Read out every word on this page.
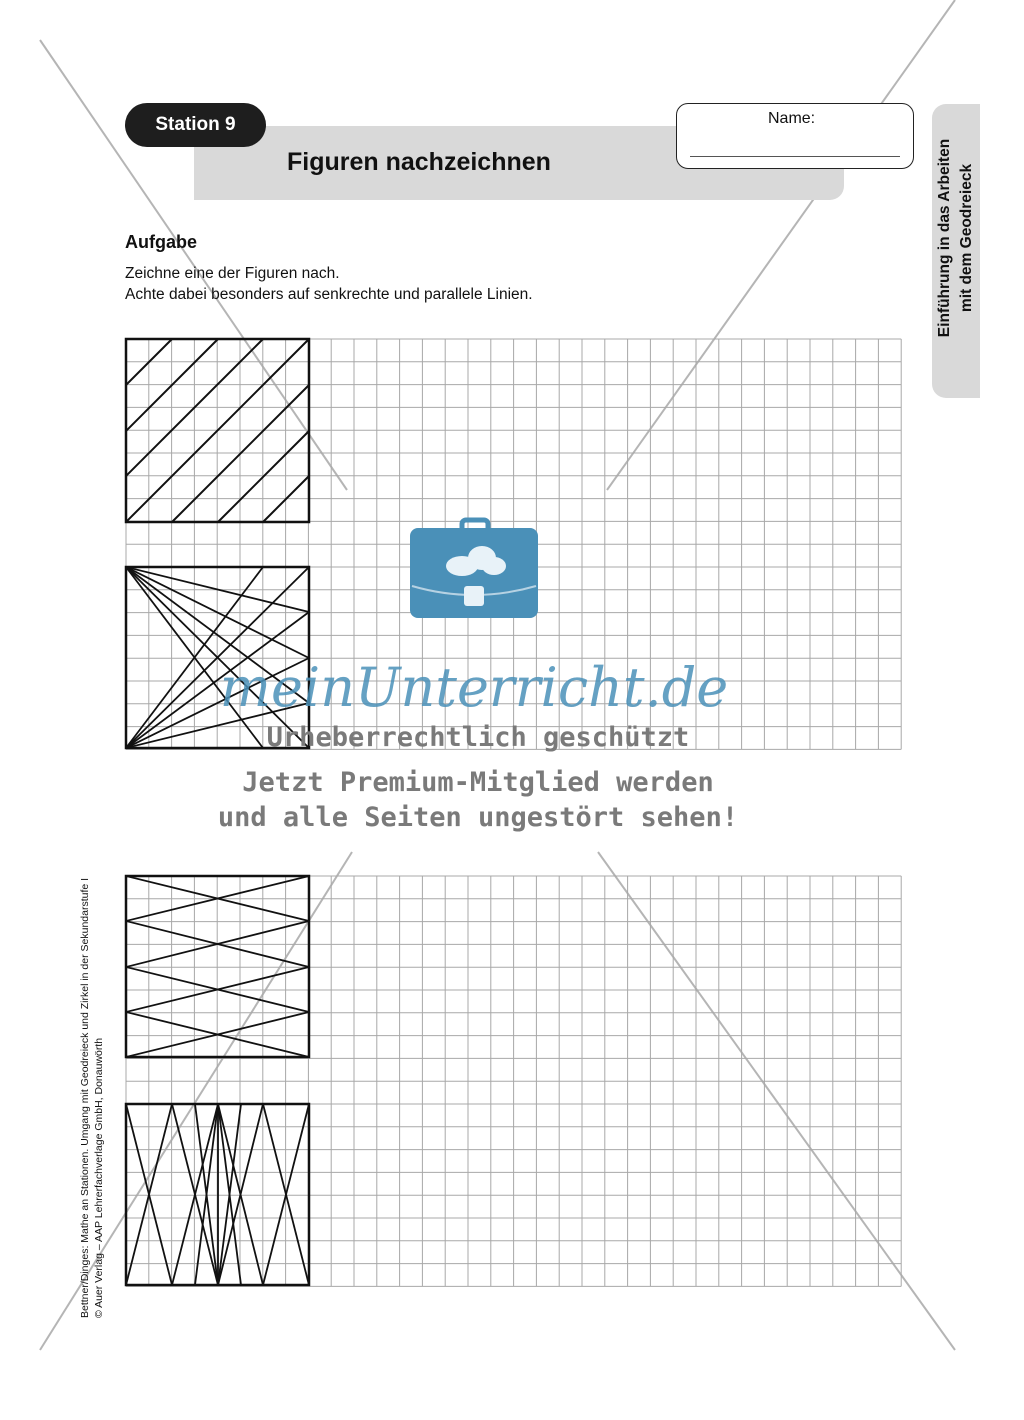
meinUnterricht.de
Urheberrechtlich geschützt
Jetzt Premium-Mitglied werden
und alle Seiten ungestört sehen!
Station 9
Figuren nachzeichnen
Name:
Einführung in das Arbeiten mit dem Geodreieck
Aufgabe
Zeichne eine der Figuren nach.
Achte dabei besonders auf senkrechte und parallele Linien.
Bettner/Dinges: Mathe an Stationen. Umgang mit Geodreieck und Zirkel in der Sekundarstufe I © Auer Verlag – AAP Lehrerfachverlage GmbH, Donauwörth
